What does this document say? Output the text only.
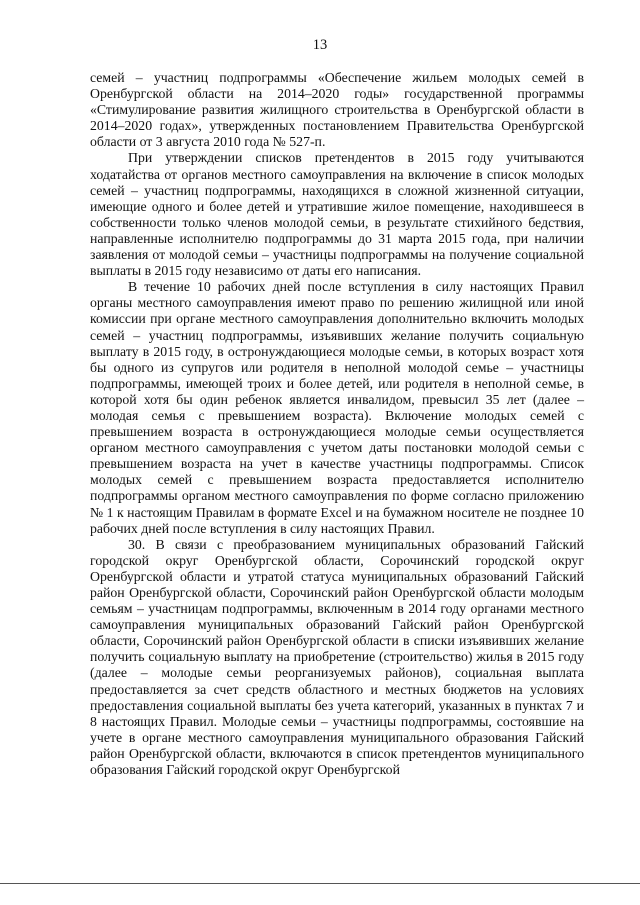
13

семей – участниц подпрограммы «Обеспечение жильем молодых семей в Оренбургской области на 2014–2020 годы» государственной программы «Стимулирование развития жилищного строительства в Оренбургской области в 2014–2020 годах», утвержденных постановлением Правительства Оренбургской области от 3 августа 2010 года № 527-п.

При утверждении списков претендентов в 2015 году учитываются ходатайства от органов местного самоуправления на включение в список молодых семей – участниц подпрограммы, находящихся в сложной жизненной ситуации, имеющие одного и более детей и утратившие жилое помещение, находившееся в собственности только членов молодой семьи, в результате стихийного бедствия, направленные исполнителю подпрограммы до 31 марта 2015 года, при наличии заявления от молодой семьи – участницы подпрограммы на получение социальной выплаты в 2015 году независимо от даты его написания.

В течение 10 рабочих дней после вступления в силу настоящих Правил органы местного самоуправления имеют право по решению жилищной или иной комиссии при органе местного самоуправления дополнительно включить молодых семей – участниц подпрограммы, изъявивших желание получить социальную выплату в 2015 году, в остронуждающиеся молодые семьи, в которых возраст хотя бы одного из супругов или родителя в неполной молодой семье – участницы подпрограммы, имеющей троих и более детей, или родителя в неполной семье, в которой хотя бы один ребенок является инвалидом, превысил 35 лет (далее – молодая семья с превышением возраста). Включение молодых семей с превышением возраста в остронуждающиеся молодые семьи осуществляется органом местного самоуправления с учетом даты постановки молодой семьи с превышением возраста на учет в качестве участницы подпрограммы. Список молодых семей с превышением возраста предоставляется исполнителю подпрограммы органом местного самоуправления по форме согласно приложению № 1 к настоящим Правилам в формате Excel и на бумажном носителе не позднее 10 рабочих дней после вступления в силу настоящих Правил.

30. В связи с преобразованием муниципальных образований Гайский городской округ Оренбургской области, Сорочинский городской округ Оренбургской области и утратой статуса муниципальных образований Гайский район Оренбургской области, Сорочинский район Оренбургской области молодым семьям – участницам подпрограммы, включенным в 2014 году органами местного самоуправления муниципальных образований Гайский район Оренбургской области, Сорочинский район Оренбургской области в списки изъявивших желание получить социальную выплату на приобретение (строительство) жилья в 2015 году (далее – молодые семьи реорганизуемых районов), социальная выплата предоставляется за счет средств областного и местных бюджетов на условиях предоставления социальной выплаты без учета категорий, указанных в пунктах 7 и 8 настоящих Правил. Молодые семьи – участницы подпрограммы, состоявшие на учете в органе местного самоуправления муниципального образования Гайский район Оренбургской области, включаются в список претендентов муниципального образования Гайский городской округ Оренбургской
